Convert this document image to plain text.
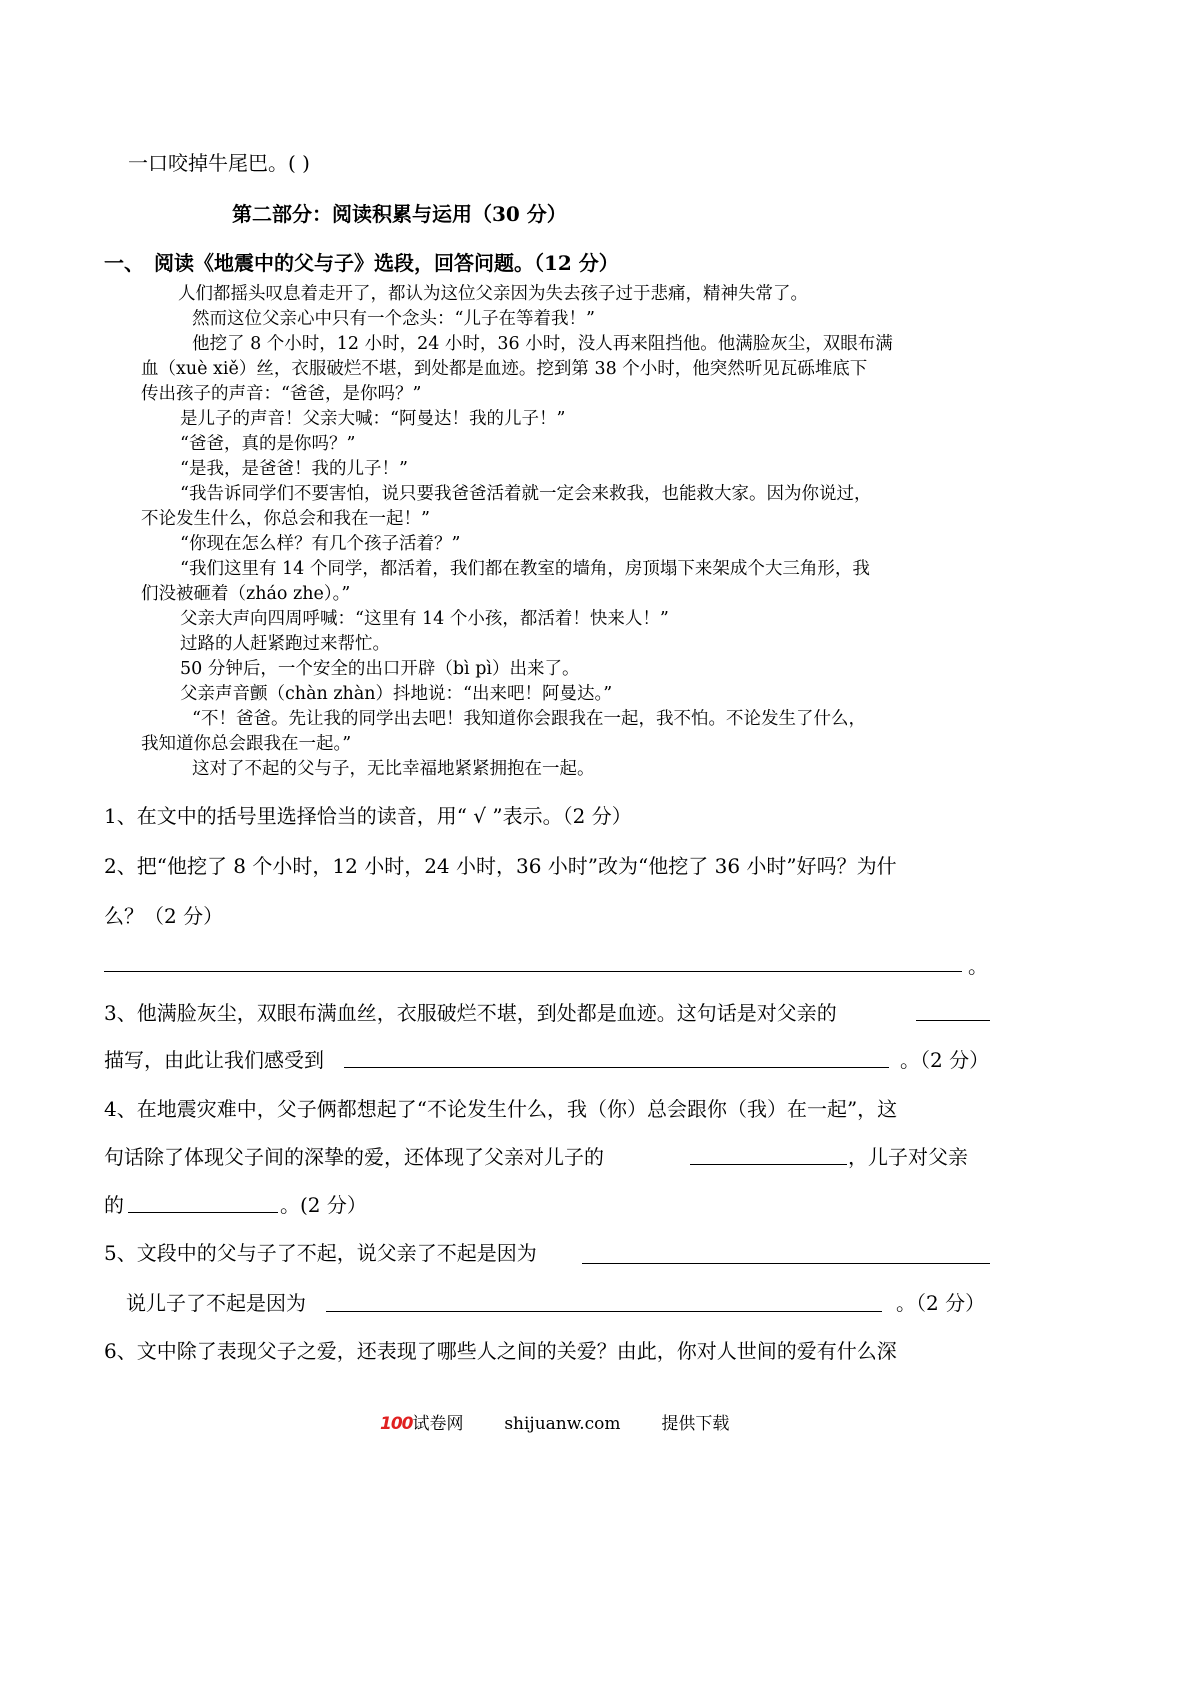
一口咬掉牛尾巴。( )
第二部分：阅读积累与运用（30 分）
一、 阅读《地震中的父与子》选段，回答问题。（12 分）
人们都摇头叹息着走开了，都认为这位父亲因为失去孩子过于悲痛，精神失常了。
然而这位父亲心中只有一个念头：“儿子在等着我！”
他挖了 8 个小时，12 小时，24 小时，36 小时，没人再来阻挡他。他满脸灰尘，双眼布满
血（xuè xiě）丝，衣服破烂不堪，到处都是血迹。挖到第 38 个小时，他突然听见瓦砾堆底下
传出孩子的声音：“爸爸，是你吗？”
是儿子的声音！父亲大喊：“阿曼达！我的儿子！”
“爸爸，真的是你吗？”
“是我，是爸爸！我的儿子！”
“我告诉同学们不要害怕，说只要我爸爸活着就一定会来救我，也能救大家。因为你说过，
不论发生什么，你总会和我在一起！”
“你现在怎么样？有几个孩子活着？”
“我们这里有 14 个同学，都活着，我们都在教室的墙角，房顶塌下来架成个大三角形，我
们没被砸着（zháo zhe）。”
父亲大声向四周呼喊：“这里有 14 个小孩，都活着！快来人！”
过路的人赶紧跑过来帮忙。
50 分钟后，一个安全的出口开辟（bì pì）出来了。
父亲声音颤（chàn zhàn）抖地说：“出来吧！阿曼达。”
“不！爸爸。先让我的同学出去吧！我知道你会跟我在一起，我不怕。不论发生了什么，
我知道你总会跟我在一起。”
这对了不起的父与子，无比幸福地紧紧拥抱在一起。
1、在文中的括号里选择恰当的读音，用“ √ ”表示。（2 分）
2、把“他挖了 8 个小时，12 小时，24 小时，36 小时”改为“他挖了 36 小时”好吗？为什
么？（2 分）
。
3、他满脸灰尘，双眼布满血丝，衣服破烂不堪，到处都是血迹。这句话是对父亲的
描写，由此让我们感受到	。（2 分）
4、在地震灾难中，父子俩都想起了“不论发生什么，我（你）总会跟你（我）在一起”，这
句话除了体现父子间的深挚的爱，还体现了父亲对儿子的	，儿子对父亲
的	。(2 分）
5、文段中的父与子了不起，说父亲了不起是因为
说儿子了不起是因为	。（2 分）
6、文中除了表现父子之爱，还表现了哪些人之间的关爱？由此，你对人世间的爱有什么深
100试卷网 shijuanw.com 提供下载
